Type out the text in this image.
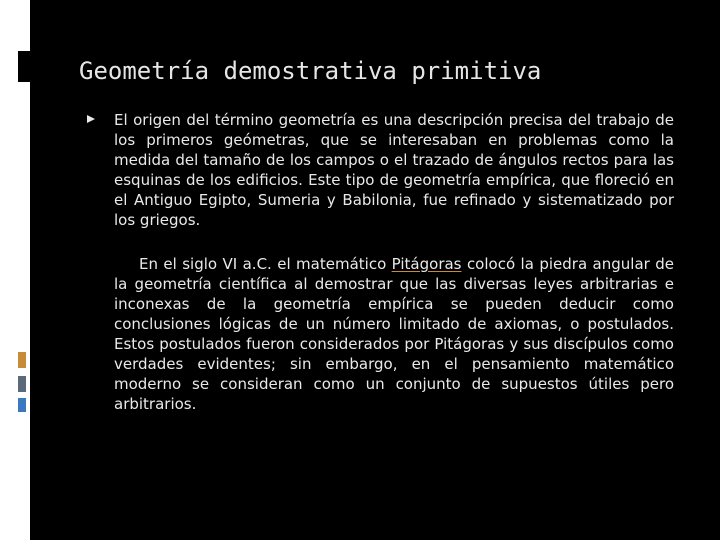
Geometría demostrativa primitiva

El origen del término geometría es una descripción precisa del trabajo de los primeros geómetras, que se interesaban en problemas como la medida del tamaño de los campos o el trazado de ángulos rectos para las esquinas de los edificios. Este tipo de geometría empírica, que floreció en el Antiguo Egipto, Sumeria y Babilonia, fue refinado y sistematizado por los griegos.

En el siglo VI a.C. el matemático Pitágoras colocó la piedra angular de la geometría científica al demostrar que las diversas leyes arbitrarias e inconexas de la geometría empírica se pueden deducir como conclusiones lógicas de un número limitado de axiomas, o postulados. Estos postulados fueron considerados por Pitágoras y sus discípulos como verdades evidentes; sin embargo, en el pensamiento matemático moderno se consideran como un conjunto de supuestos útiles pero arbitrarios.
